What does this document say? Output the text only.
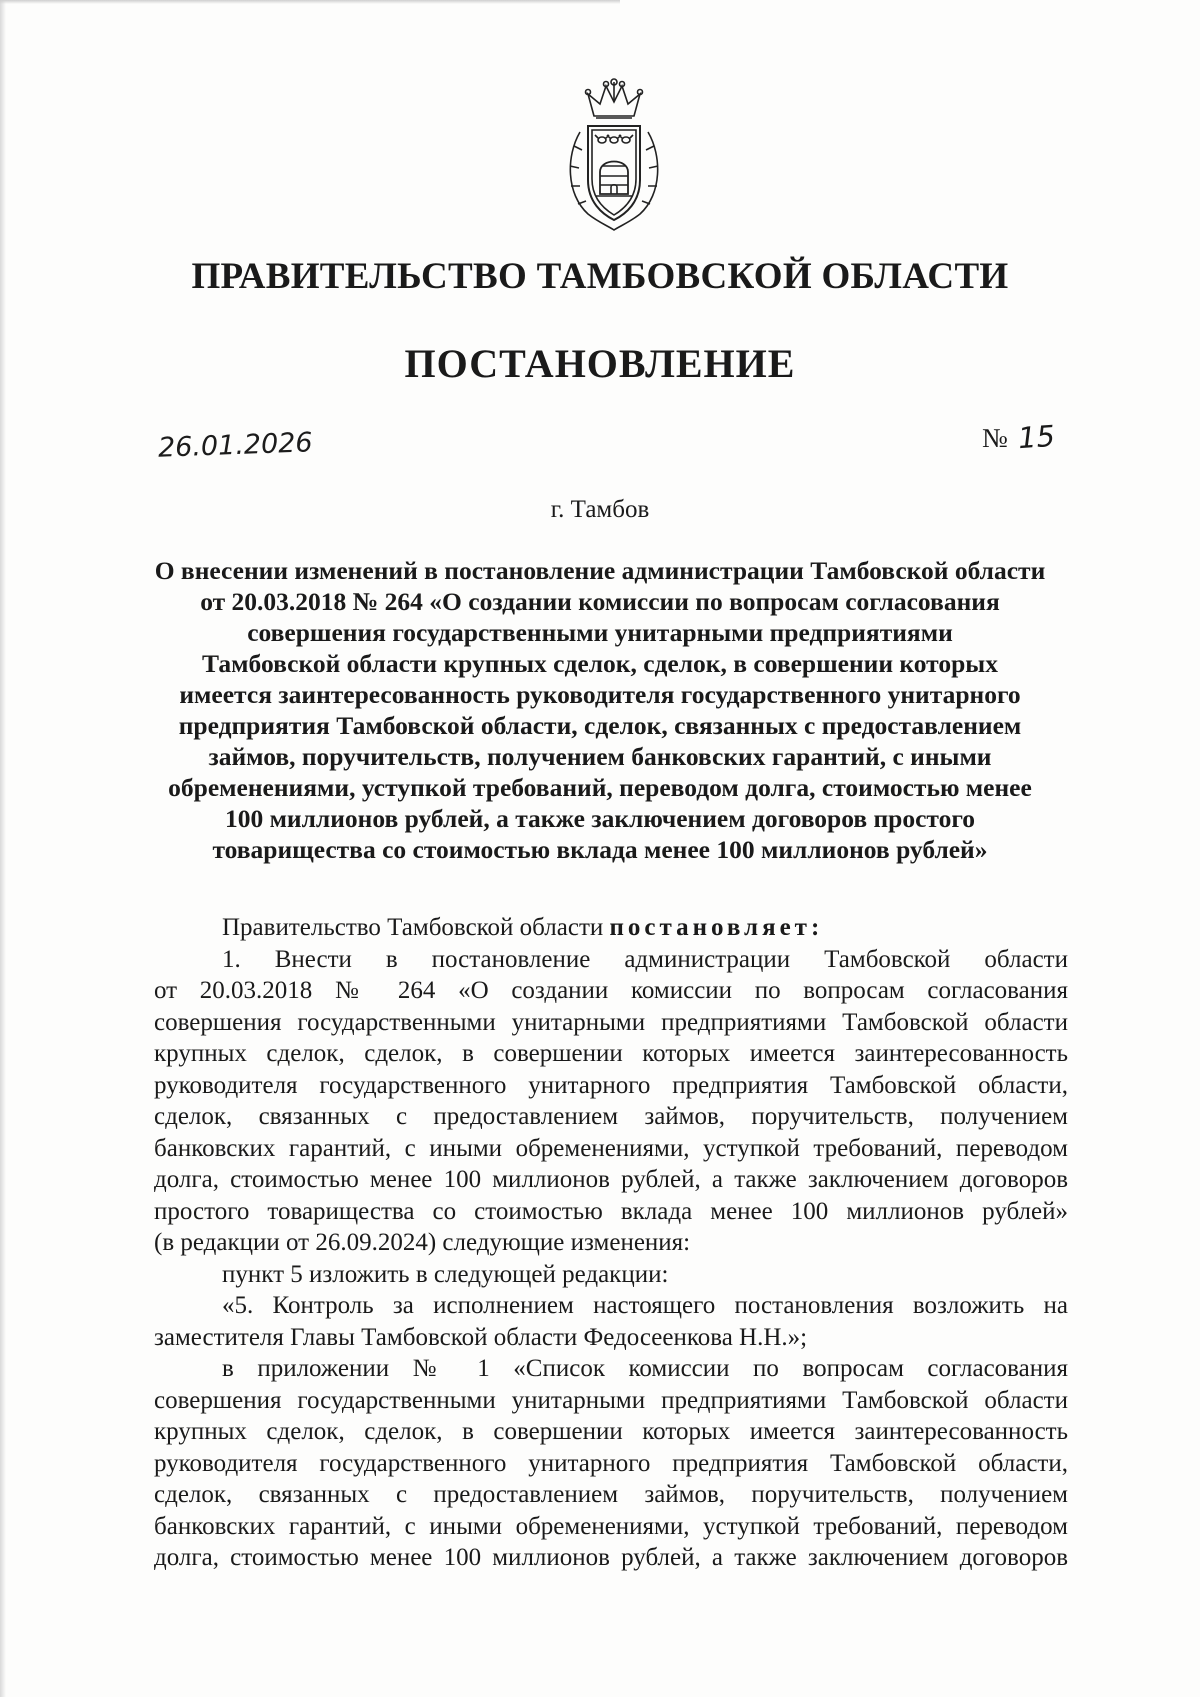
ПРАВИТЕЛЬСТВО ТАМБОВСКОЙ ОБЛАСТИ
ПОСТАНОВЛЕНИЕ
26.01.2026	№ 15
г. Тамбов
О внесении изменений в постановление администрации Тамбовской области
от 20.03.2018 № 264 «О создании комиссии по вопросам согласования
совершения государственными унитарными предприятиями
Тамбовской области крупных сделок, сделок, в совершении которых
имеется заинтересованность руководителя государственного унитарного
предприятия Тамбовской области, сделок, связанных с предоставлением
займов, поручительств, получением банковских гарантий, с иными
обременениями, уступкой требований, переводом долга, стоимостью менее
100 миллионов рублей, а также заключением договоров простого
товарищества со стоимостью вклада менее 100 миллионов рублей»
Правительство Тамбовской области постановляет:
1. Внести в постановление администрации Тамбовской области
от 20.03.2018 № 264 «О создании комиссии по вопросам согласования
совершения государственными унитарными предприятиями Тамбовской области
крупных сделок, сделок, в совершении которых имеется заинтересованность
руководителя государственного унитарного предприятия Тамбовской области,
сделок, связанных с предоставлением займов, поручительств, получением
банковских гарантий, с иными обременениями, уступкой требований, переводом
долга, стоимостью менее 100 миллионов рублей, а также заключением договоров
простого товарищества со стоимостью вклада менее 100 миллионов рублей»
(в редакции от 26.09.2024) следующие изменения:
пункт 5 изложить в следующей редакции:
«5. Контроль за исполнением настоящего постановления возложить на
заместителя Главы Тамбовской области Федосеенкова Н.Н.»;
в приложении № 1 «Список комиссии по вопросам согласования
совершения государственными унитарными предприятиями Тамбовской области
крупных сделок, сделок, в совершении которых имеется заинтересованность
руководителя государственного унитарного предприятия Тамбовской области,
сделок, связанных с предоставлением займов, поручительств, получением
банковских гарантий, с иными обременениями, уступкой требований, переводом
долга, стоимостью менее 100 миллионов рублей, а также заключением договоров
